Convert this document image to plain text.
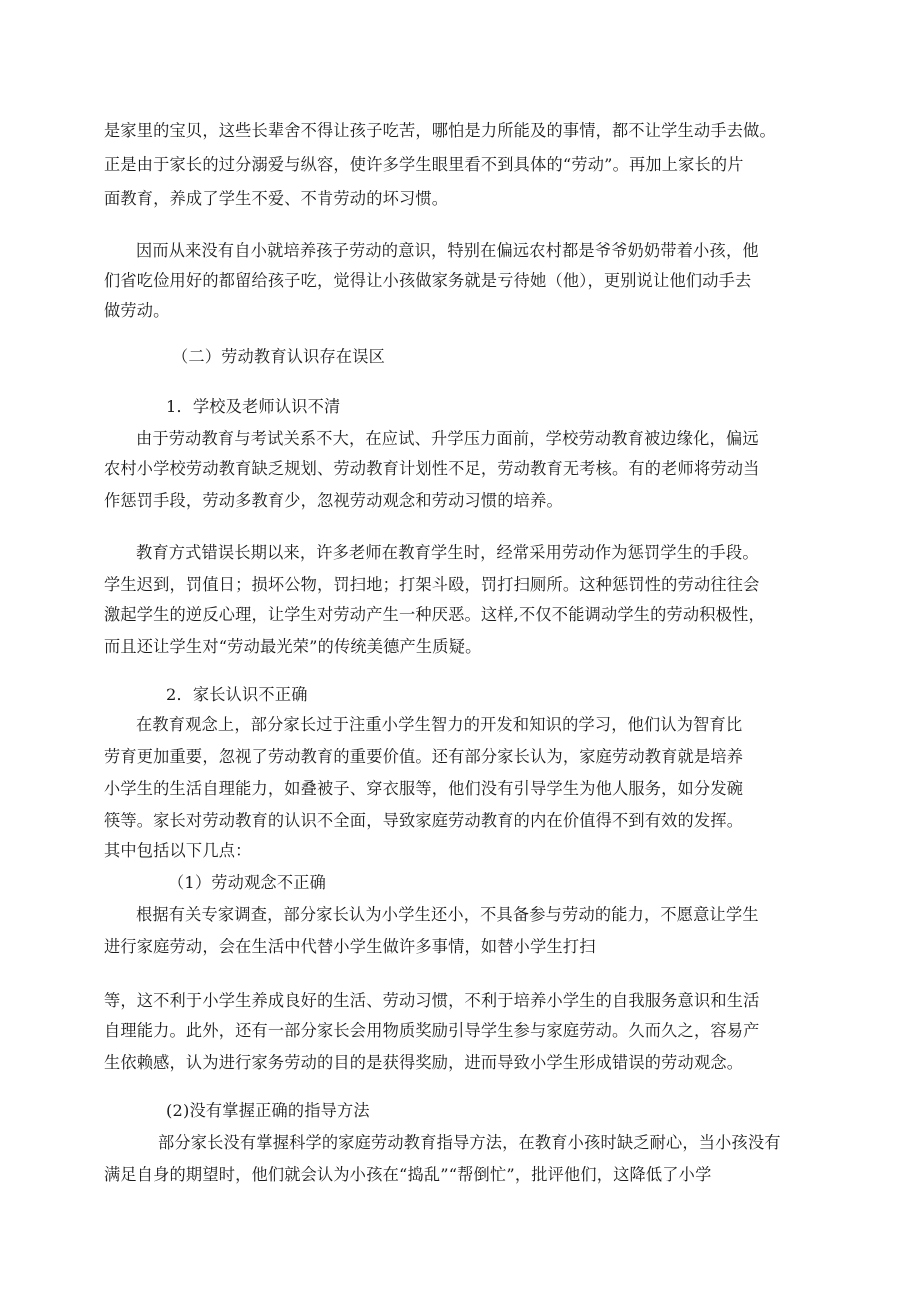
是家里的宝贝，这些长辈舍不得让孩子吃苦，哪怕是力所能及的事情，都不让学生动手去做。

正是由于家长的过分溺爱与纵容，使许多学生眼里看不到具体的“劳动”。再加上家长的片

面教育，养成了学生不爱、不肯劳动的坏习惯。

因而从来没有自小就培养孩子劳动的意识，特别在偏远农村都是爷爷奶奶带着小孩，他

们省吃俭用好的都留给孩子吃，觉得让小孩做家务就是亏待她（他），更别说让他们动手去

做劳动。

（二）劳动教育认识存在误区

1．学校及老师认识不清

由于劳动教育与考试关系不大，在应试、升学压力面前，学校劳动教育被边缘化，偏远

农村小学校劳动教育缺乏规划、劳动教育计划性不足，劳动教育无考核。有的老师将劳动当

作惩罚手段，劳动多教育少，忽视劳动观念和劳动习惯的培养。

教育方式错误长期以来，许多老师在教育学生时，经常采用劳动作为惩罚学生的手段。

学生迟到，罚值日；损坏公物，罚扫地；打架斗殴，罚打扫厕所。这种惩罚性的劳动往往会

激起学生的逆反心理，让学生对劳动产生一种厌恶。这样,不仅不能调动学生的劳动积极性，

而且还让学生对“劳动最光荣”的传统美德产生质疑。

2．家长认识不正确

在教育观念上，部分家长过于注重小学生智力的开发和知识的学习，他们认为智育比

劳育更加重要，忽视了劳动教育的重要价值。还有部分家长认为，家庭劳动教育就是培养

小学生的生活自理能力，如叠被子、穿衣服等，他们没有引导学生为他人服务，如分发碗

筷等。家长对劳动教育的认识不全面，导致家庭劳动教育的内在价值得不到有效的发挥。

其中包括以下几点：

（1）劳动观念不正确

根据有关专家调查，部分家长认为小学生还小，不具备参与劳动的能力，不愿意让学生

进行家庭劳动，会在生活中代替小学生做许多事情，如替小学生打扫

等，这不利于小学生养成良好的生活、劳动习惯，不利于培养小学生的自我服务意识和生活

自理能力。此外，还有一部分家长会用物质奖励引导学生参与家庭劳动。久而久之，容易产

生依赖感，认为进行家务劳动的目的是获得奖励，进而导致小学生形成错误的劳动观念。

(2)没有掌握正确的指导方法

部分家长没有掌握科学的家庭劳动教育指导方法，在教育小孩时缺乏耐心，当小孩没有

满足自身的期望时，他们就会认为小孩在“捣乱”“帮倒忙”，批评他们，这降低了小学
